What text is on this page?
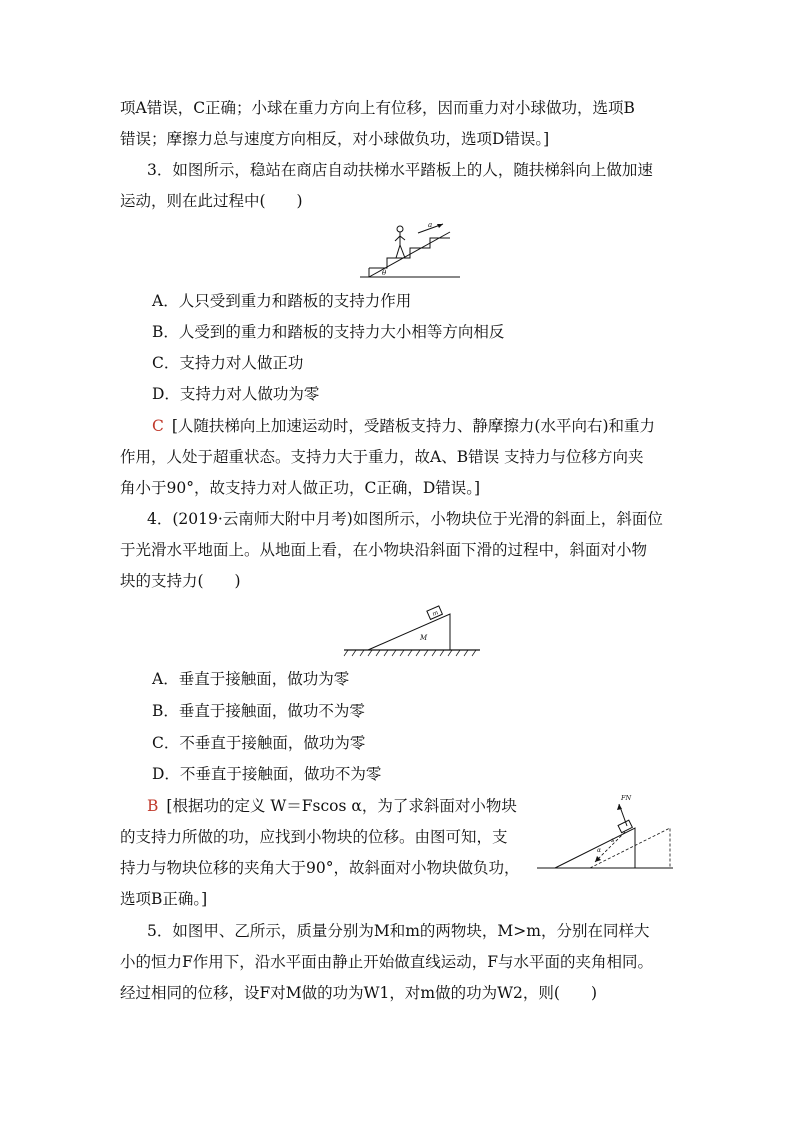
项A错误，C正确；小球在重力方向上有位移，因而重力对小球做功，选项B
错误；摩擦力总与速度方向相反，对小球做负功，选项D错误。]
3．如图所示，稳站在商店自动扶梯水平踏板上的人，随扶梯斜向上做加速
运动，则在此过程中(　　)
a
θ
A．人只受到重力和踏板的支持力作用
B．人受到的重力和踏板的支持力大小相等方向相反
C．支持力对人做正功
D．支持力对人做功为零
C [人随扶梯向上加速运动时，受踏板支持力、静摩擦力(水平向右)和重力
作用，人处于超重状态。支持力大于重力，故A、B错误 支持力与位移方向夹
角小于90°，故支持力对人做正功，C正确，D错误。]
4．(2019·云南师大附中月考)如图所示，小物块位于光滑的斜面上，斜面位
于光滑水平地面上。从地面上看，在小物块沿斜面下滑的过程中，斜面对小物
块的支持力(　　)
m
M
A．垂直于接触面，做功为零
B．垂直于接触面，做功不为零
C．不垂直于接触面，做功为零
D．不垂直于接触面，做功不为零
B [根据功的定义 W＝Fscos α，为了求斜面对小物块
的支持力所做的功，应找到小物块的位移。由图可知，支
持力与物块位移的夹角大于90°，故斜面对小物块做负功，
选项B正确。]
FN
s
α
5．如图甲、乙所示，质量分别为M和m的两物块，M>m，分别在同样大
小的恒力F作用下，沿水平面由静止开始做直线运动，F与水平面的夹角相同。
经过相同的位移，设F对M做的功为W1，对m做的功为W2，则(　　)
